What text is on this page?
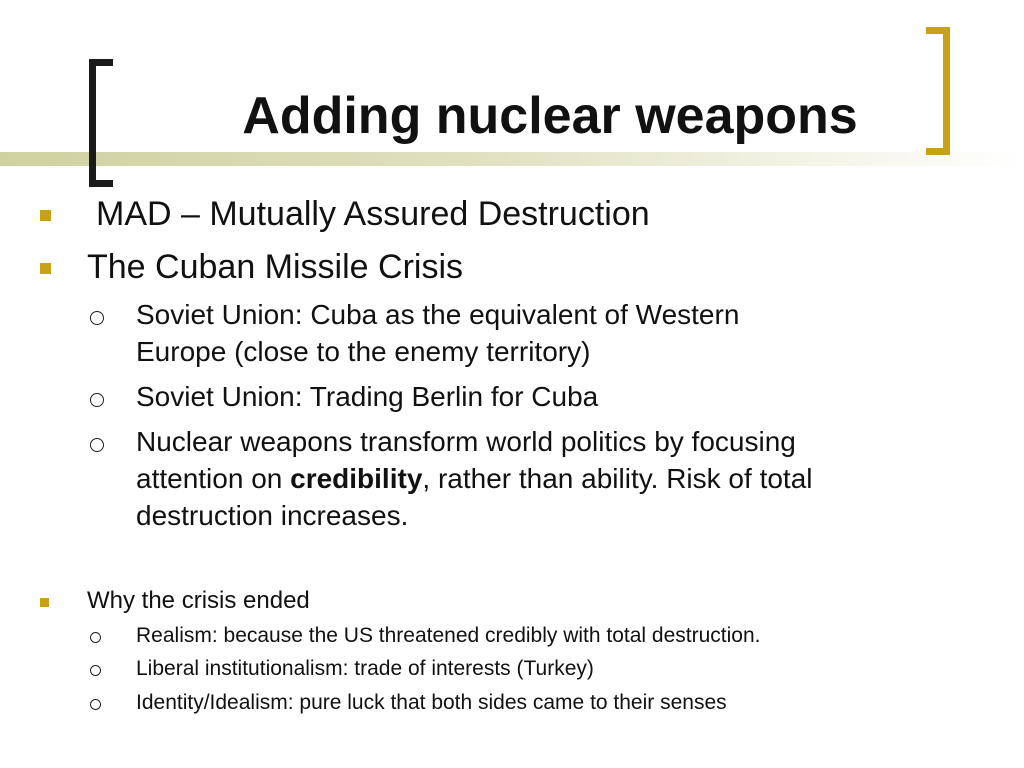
Adding nuclear weapons

MAD – Mutually Assured Destruction

The Cuban Missile Crisis

Soviet Union: Cuba as the equivalent of Western

Europe (close to the enemy territory)

Soviet Union: Trading Berlin for Cuba

Nuclear weapons transform world politics by focusing

attention on credibility, rather than ability. Risk of total

destruction increases.

Why the crisis ended

Realism: because the US threatened credibly with total destruction.

Liberal institutionalism: trade of interests (Turkey)

Identity/Idealism: pure luck that both sides came to their senses
